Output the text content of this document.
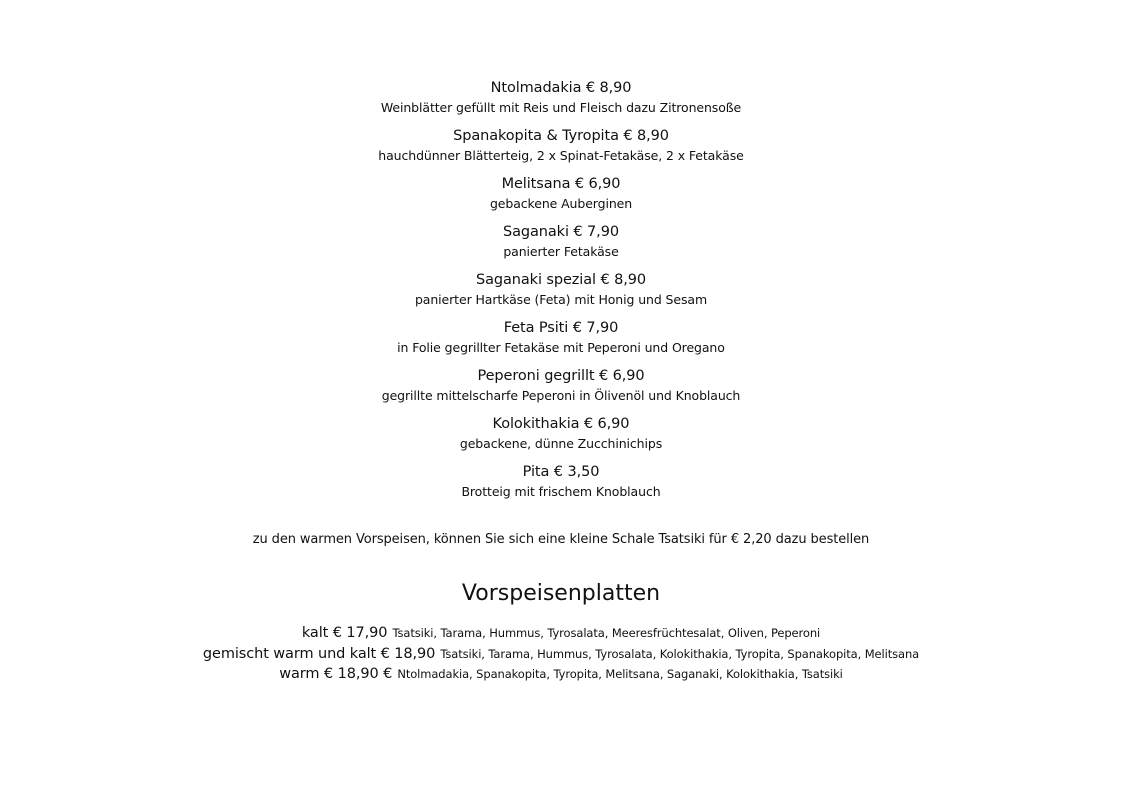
Ntolmadakia € 8,90
Weinblätter gefüllt mit Reis und Fleisch dazu Zitronensoße
Spanakopita & Tyropita € 8,90
hauchdünner Blätterteig, 2 x Spinat-Fetakäse, 2 x Fetakäse
Melitsana € 6,90
gebackene Auberginen
Saganaki € 7,90
panierter Fetakäse
Saganaki spezial € 8,90
panierter Hartkäse (Feta) mit Honig und Sesam
Feta Psiti € 7,90
in Folie gegrillter Fetakäse mit Peperoni und Oregano
Peperoni gegrillt € 6,90
gegrillte mittelscharfe Peperoni in Ölivenöl und Knoblauch
Kolokithakia € 6,90
gebackene, dünne Zucchinichips
Pita € 3,50
Brotteig mit frischem Knoblauch
zu den warmen Vorspeisen, können Sie sich eine kleine Schale Tsatsiki für € 2,20 dazu bestellen
Vorspeisenplatten
kalt € 17,90 Tsatsiki, Tarama, Hummus, Tyrosalata, Meeresfrüchtesalat, Oliven, Peperoni
gemischt warm und kalt € 18,90 Tsatsiki, Tarama, Hummus, Tyrosalata, Kolokithakia, Tyropita, Spanakopita, Melitsana
warm € 18,90 € Ntolmadakia, Spanakopita, Tyropita, Melitsana, Saganaki, Kolokithakia, Tsatsiki
